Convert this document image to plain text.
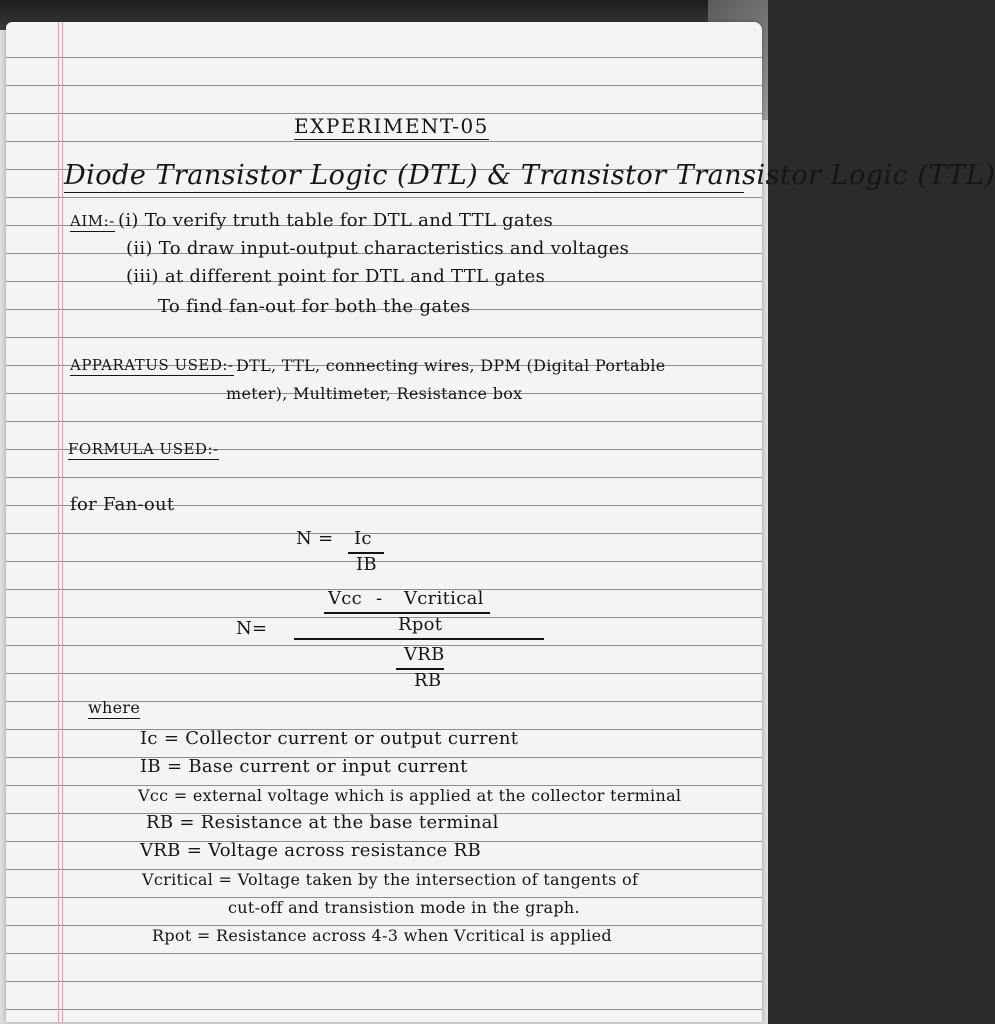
EXPERIMENT-05
Diode Transistor Logic (DTL) & Transistor Transistor Logic (TTL)
AIM:- (i) To verify truth table for DTL and TTL gates
(ii) To draw input-output characteristics and voltages
(iii) at different point for DTL and TTL gates
To find fan-out for both the gates
APPARATUS USED:- DTL, TTL, connecting wires, DPM (Digital Portable
meter), Multimeter, Resistance box
FORMULA USED:-
for Fan-out
N = Ic
IB
Vcc - Vcritical
Rpot
N=
VRB
RB
where
Ic = Collector current or output current
IB = Base current or input current
Vcc = external voltage which is applied at the collector terminal
RB = Resistance at the base terminal
VRB = Voltage across resistance RB
Vcritical = Voltage taken by the intersection of tangents of
cut-off and transistion mode in the graph.
Rpot = Resistance across 4-3 when Vcritical is applied
